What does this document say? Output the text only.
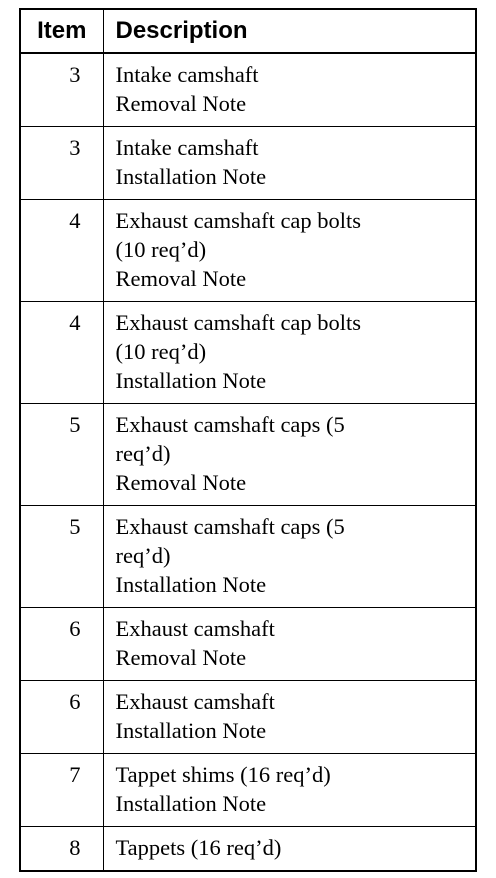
Item	Description
3	Intake camshaft
Removal Note

3	Intake camshaft
Installation Note

4	Exhaust camshaft cap bolts
(10 req’d)
Removal Note

4	Exhaust camshaft cap bolts
(10 req’d)
Installation Note

5	Exhaust camshaft caps (5
req’d)
Removal Note

5	Exhaust camshaft caps (5
req’d)
Installation Note

6	Exhaust camshaft
Removal Note

6	Exhaust camshaft
Installation Note

7	Tappet shims (16 req’d)
Installation Note

8	Tappets (16 req’d)
